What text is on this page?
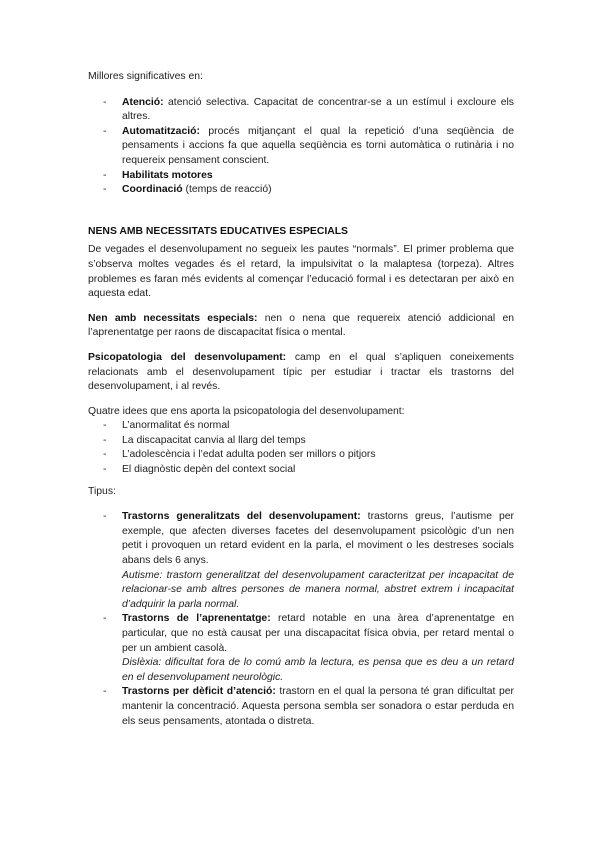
Millores significatives en:

- Atenció: atenció selectiva. Capacitat de concentrar-se a un estímul i excloure els altres.
- Automatització: procés mitjançant el qual la repetició d’una seqüència de pensaments i accions fa que aquella seqüència es torni automàtica o rutinària i no requereix pensament conscient.
- Habilitats motores
- Coordinació (temps de reacció)

NENS AMB NECESSITATS EDUCATIVES ESPECIALS

De vegades el desenvolupament no segueix les pautes “normals”. El primer problema que s’observa moltes vegades és el retard, la impulsivitat o la malaptesa (torpeza). Altres problemes es faran més evidents al començar l’educació formal i es detectaran per això en aquesta edat.

Nen amb necessitats especials: nen o nena que requereix atenció addicional en l’aprenentatge per raons de discapacitat física o mental.

Psicopatologia del desenvolupament: camp en el qual s’apliquen coneixements relacionats amb el desenvolupament típic per estudiar i tractar els trastorns del desenvolupament, i al revés.

Quatre idees que ens aporta la psicopatologia del desenvolupament:

- L’anormalitat és normal
- La discapacitat canvia al llarg del temps
- L’adolescència i l’edat adulta poden ser millors o pitjors
- El diagnòstic depèn del context social

Tipus:

- Trastorns generalitzats del desenvolupament: trastorns greus, l’autisme per exemple, que afecten diverses facetes del desenvolupament psicològic d’un nen petit i provoquen un retard evident en la parla, el moviment o les destreses socials abans dels 6 anys.
Autisme: trastorn generalitzat del desenvolupament caracteritzat per incapacitat de relacionar-se amb altres persones de manera normal, abstret extrem i incapacitat d’adquirir la parla normal.
- Trastorns de l’aprenentatge: retard notable en una àrea d’aprenentatge en particular, que no està causat per una discapacitat física obvia, per retard mental o per un ambient casolà.
Dislèxia: dificultat fora de lo comú amb la lectura, es pensa que es deu a un retard en el desenvolupament neurològic.
- Trastorns per dèficit d’atenció: trastorn en el qual la persona té gran dificultat per mantenir la concentració. Aquesta persona sembla ser sonadora o estar perduda en els seus pensaments, atontada o distreta.
